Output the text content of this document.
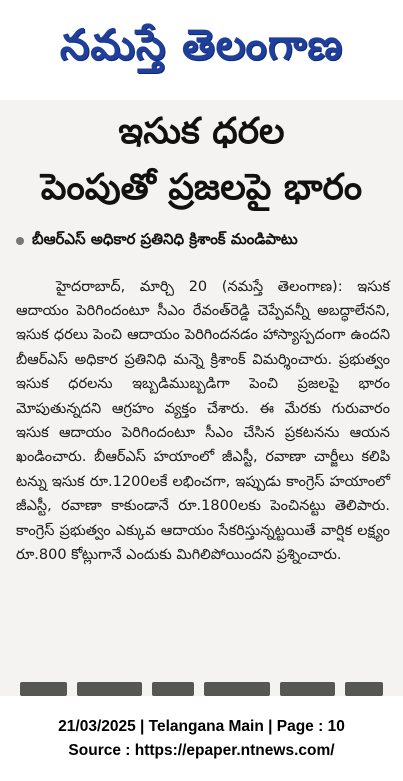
నమస్తే తెలంగాణ
ఇసుక ధరల
పెంపుతో ప్రజలపై భారం
బీఆర్‌ఎస్ అధికార ప్రతినిధి క్రిశాంక్ మండిపాటు

హైదరాబాద్, మార్చి 20 (నమస్తే తెలంగాణ): ఇసుక ఆదాయం పెరిగిందంటూ సీఎం రేవంత్‌రెడ్డి చెప్పేవన్నీ అబద్ధాలేనని, ఇసుక ధరలు పెంచి ఆదాయం పెరిగిందనడం హాస్యాస్పదంగా ఉందని బీఆర్‌ఎస్ అధికార ప్రతినిధి మన్నె క్రిశాంక్ విమర్శించారు. ప్రభుత్వం ఇసుక ధరలను ఇబ్బడిముబ్బడిగా పెంచి ప్రజలపై భారం మోపుతున్నదని ఆగ్రహం వ్యక్తం చేశారు. ఈ మేరకు గురువారం ఇసుక ఆదాయం పెరిగిందంటూ సీఎం చేసిన ప్రకటనను ఆయన ఖండించారు. బీఆర్‌ఎస్ హయాంలో జీఎస్టీ, రవాణా చార్జీలు కలిపి టన్ను ఇసుక రూ.1200లకే లభించగా, ఇప్పుడు కాంగ్రెస్ హయాంలో జీఎస్టీ, రవాణా కాకుండానే రూ.1800లకు పెంచినట్టు తెలిపారు. కాంగ్రెస్ ప్రభుత్వం ఎక్కువ ఆదాయం సేకరిస్తున్నట్టయితే వార్షిక లక్ష్యం రూ.800 కోట్లుగానే ఎందుకు మిగిలిపోయిందని ప్రశ్నించారు.

21/03/2025 | Telangana Main | Page : 10
Source : https://epaper.ntnews.com/
